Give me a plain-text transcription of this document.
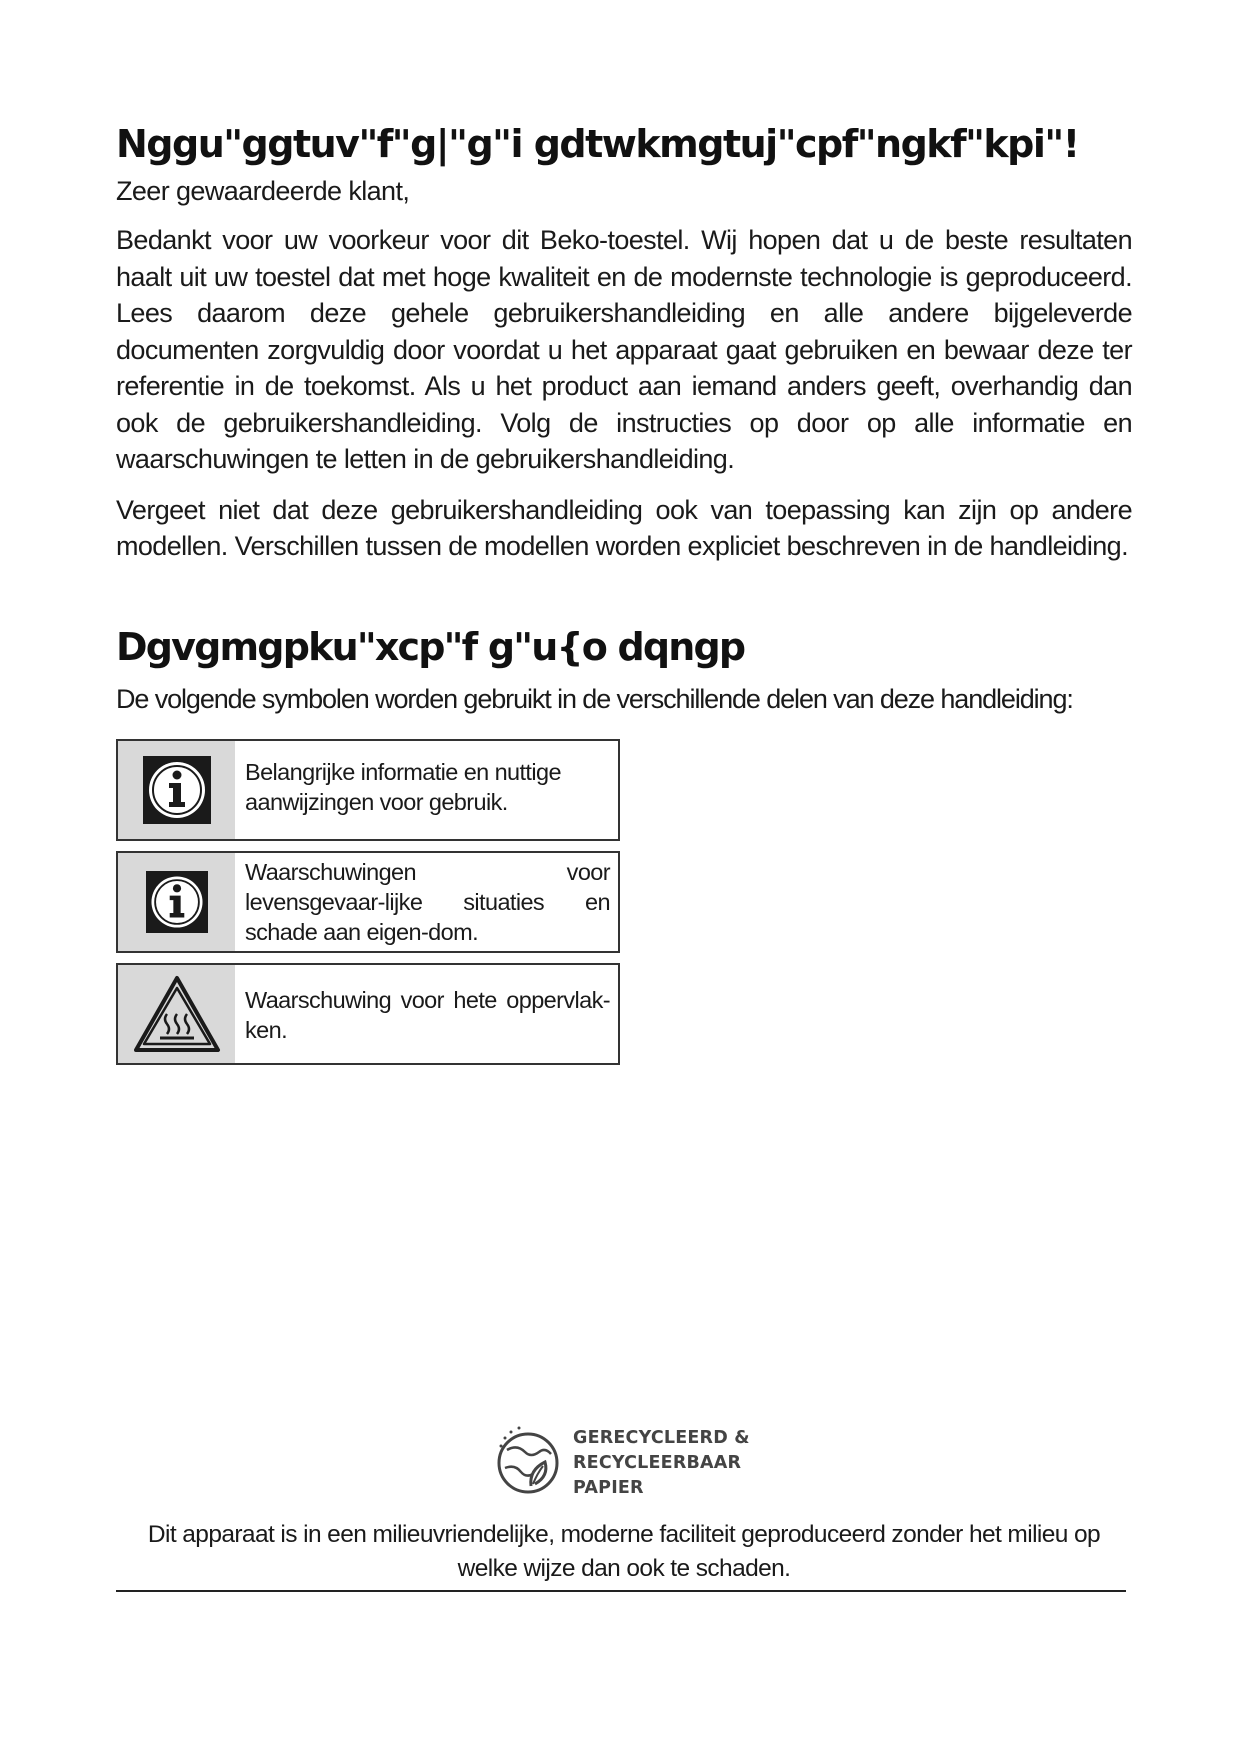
Nggu"ggtuv"f"g|"g"i gdtwkmgtuj"cpf"ngkf"kpi"!

Zeer gewaardeerde klant,

Bedankt voor uw voorkeur voor dit Beko-toestel. Wij hopen dat u de beste resultaten haalt uit uw toestel dat met hoge kwaliteit en de modernste technologie is geproduceerd. Lees daarom deze gehele gebruikershandleiding en alle andere bijgeleverde documenten zorgvuldig door voordat u het apparaat gaat gebruiken en bewaar deze ter referentie in de toekomst. Als u het product aan iemand anders geeft, overhandig dan ook de gebruikershandleiding. Volg de instructies op door op alle informatie en waarschuwingen te letten in de gebruikershandleiding.

Vergeet niet dat deze gebruikershandleiding ook van toepassing kan zijn op andere modellen. Verschillen tussen de modellen worden expliciet beschreven in de handleiding.

Dgvgmgpku"xcp"f g"u{o dqngp

De volgende symbolen worden gebruikt in de verschillende delen van deze handleiding:

Belangrijke informatie en nuttige aanwijzingen voor gebruik.
Waarschuwingen voor levensgevaar-lijke situaties en schade aan eigen-dom.
Waarschuwing voor hete oppervlak-ken.
GERECYCLEERD &
RECYCLEERBAAR
PAPIER
Dit apparaat is in een milieuvriendelijke, moderne faciliteit geproduceerd zonder het milieu op welke wijze dan ook te schaden.
